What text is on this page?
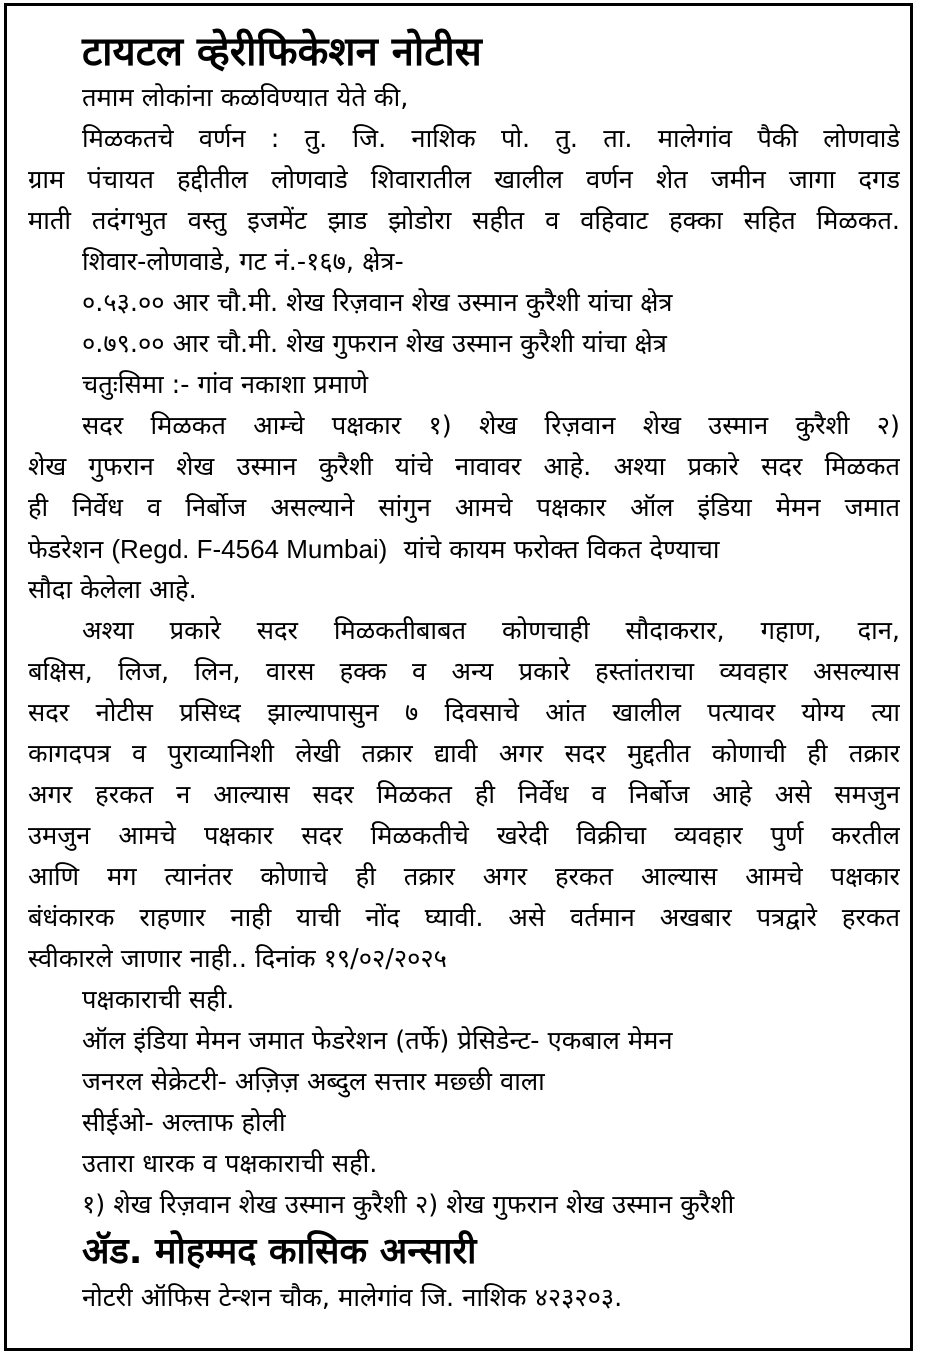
टायटल व्हेरीफिकेशन नोटीस
तमाम लोकांना कळविण्यात येते की,
मिळकतचे वर्णन : तु. जि. नाशिक पो. तु. ता. मालेगांव पैकी लोणवाडे
ग्राम पंचायत हद्दीतील लोणवाडे शिवारातील खालील वर्णन शेत जमीन जागा दगड
माती तदंगभुत वस्तु इजमेंट झाड झोडोरा सहीत व वहिवाट हक्का सहित मिळकत.
शिवार-लोणवाडे, गट नं.-१६७, क्षेत्र-
०.५३.०० आर चौ.मी. शेख रिज़वान शेख उस्मान कुरैशी यांचा क्षेत्र
०.७९.०० आर चौ.मी. शेख गुफरान शेख उस्मान कुरैशी यांचा क्षेत्र
चतुःसिमा :- गांव नकाशा प्रमाणे
सदर मिळकत आम्चे पक्षकार १) शेख रिज़वान शेख उस्मान कुरैशी २)
शेख गुफरान शेख उस्मान कुरैशी यांचे नावावर आहे. अश्या प्रकारे सदर मिळकत
ही निर्वेध व निर्बोज असल्याने सांगुन आमचे पक्षकार ऑल इंडिया मेमन जमात
फेडरेशन (Regd. F-4564 Mumbai) यांचे कायम फरोक्त विकत देण्याचा
सौदा केलेला आहे.
अश्या प्रकारे सदर मिळकतीबाबत कोणचाही सौदाकरार, गहाण, दान,
बक्षिस, लिज, लिन, वारस हक्क व अन्य प्रकारे हस्तांतराचा व्यवहार असल्यास
सदर नोटीस प्रसिध्द झाल्यापासुन ७ दिवसाचे आंत खालील पत्यावर योग्य त्या
कागदपत्र व पुराव्यानिशी लेखी तक्रार द्यावी अगर सदर मुद्दतीत कोणाची ही तक्रार
अगर हरकत न आल्यास सदर मिळकत ही निर्वेध व निर्बोज आहे असे समजुन
उमजुन आमचे पक्षकार सदर मिळकतीचे खरेदी विक्रीचा व्यवहार पुर्ण करतील
आणि मग त्यानंतर कोणाचे ही तक्रार अगर हरकत आल्यास आमचे पक्षकार
बंधंकारक राहणार नाही याची नोंद घ्यावी. असे वर्तमान अखबार पत्रद्वारे हरकत
स्वीकारले जाणार नाही.. दिनांक १९/०२/२०२५
पक्षकाराची सही.
ऑल इंडिया मेमन जमात फेडरेशन (तर्फे) प्रेसिडेन्ट- एकबाल मेमन
जनरल सेक्रेटरी- अज़िज़ अब्दुल सत्तार मछ्छी वाला
सीईओ- अल्ताफ होली
उतारा धारक व पक्षकाराची सही.
१) शेख रिज़वान शेख उस्मान कुरैशी २) शेख गुफरान शेख उस्मान कुरैशी
ॲड. मोहम्मद कासिक अन्सारी
नोटरी ऑफिस टेन्शन चौक, मालेगांव जि. नाशिक ४२३२०३.
